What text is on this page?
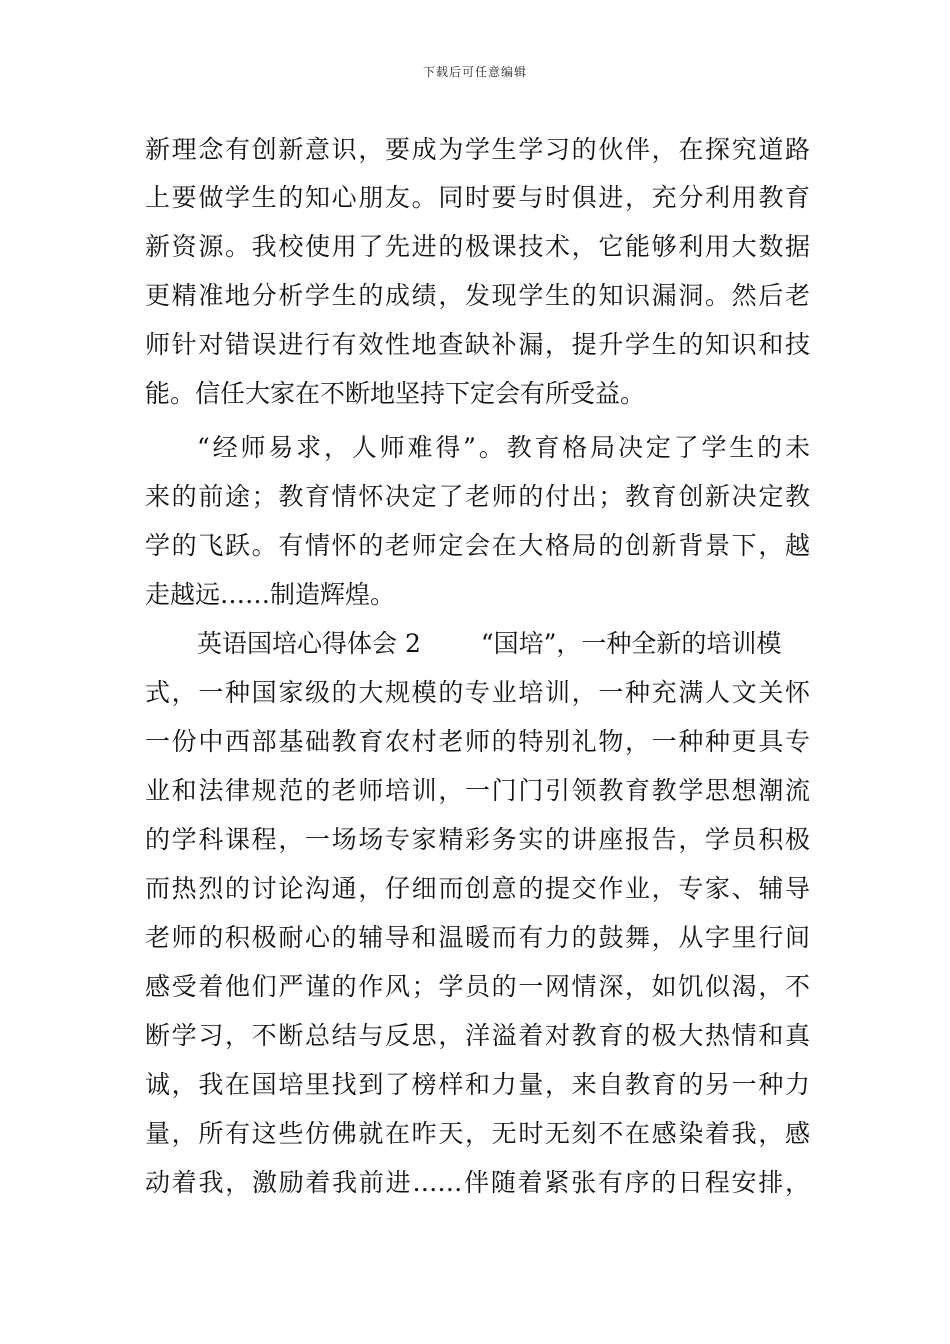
下载后可任意编辑
新理念有创新意识，要成为学生学习的伙伴，在探究道路
上要做学生的知心朋友。同时要与时俱进，充分利用教育
新资源。我校使用了先进的极课技术，它能够利用大数据
更精准地分析学生的成绩，发现学生的知识漏洞。然后老
师针对错误进行有效性地查缺补漏，提升学生的知识和技
能。信任大家在不断地坚持下定会有所受益。
“经师易求，人师难得”。教育格局决定了学生的未
来的前途；教育情怀决定了老师的付出；教育创新决定教
学的飞跃。有情怀的老师定会在大格局的创新背景下，越
走越远……制造辉煌。
英语国培心得体会 2 “国培”，一种全新的培训模
式，一种国家级的大规模的专业培训，一种充满人文关怀
一份中西部基础教育农村老师的特别礼物，一种种更具专
业和法律规范的老师培训，一门门引领教育教学思想潮流
的学科课程，一场场专家精彩务实的讲座报告，学员积极
而热烈的讨论沟通，仔细而创意的提交作业，专家、辅导
老师的积极耐心的辅导和温暖而有力的鼓舞，从字里行间
感受着他们严谨的作风；学员的一网情深，如饥似渴，不
断学习，不断总结与反思，洋溢着对教育的极大热情和真
诚，我在国培里找到了榜样和力量，来自教育的另一种力
量，所有这些仿佛就在昨天，无时无刻不在感染着我，感
动着我，激励着我前进……伴随着紧张有序的日程安排，
